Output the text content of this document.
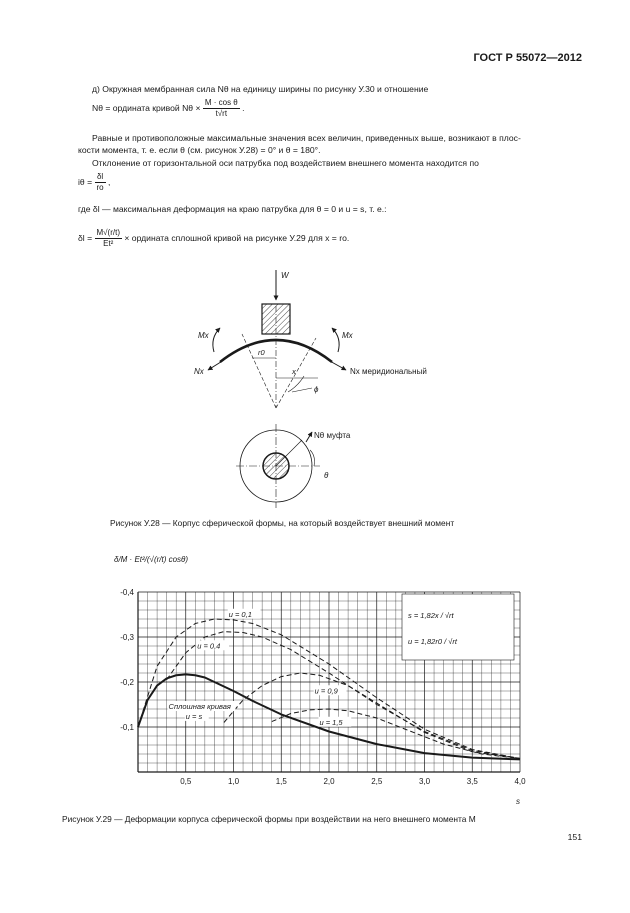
ГОСТ Р 55072—2012
д) Окружная мембранная сила Nθ на единицу ширины по рисунку У.30 и отношение
Nθ = ордината кривой $N\theta \times \frac{\text{M · cos θ}}{t√rt}$ .
Равные и противоположные максимальные значения всех величин, приведенных выше, возникают в плос-
кости момента, т. е. если θ (см. рисунок У.28) = 0° и θ = 180°.
Отклонение от горизонтальной оси патрубка под воздействием внешнего момента находится по
$i\theta = \frac{\delta l}{ro}$ ,
где δl — максимальная деформация на краю патрубка для θ = 0 и u = s, т. е.:
$\delta l = \frac{M√(r/t)}{\text{Et²}}$ × ордината сплошной кривой на рисунке У.29 для x = ro.
W
Mx	Mx
Nx	Nx меридиональный
r0
x
ϕ
Nθ муфта
θ
Рисунок У.28 — Корпус сферической формы, на который воздействует внешний момент
0,5	1,0	1,5	2,0	2,5	3,0	3,5	4,0
-0,4
-0,3
-0,2
-0,1
u = 0,1
u = 0,4
u = 0,9
u = 1,5
Сплошная кривая
u = s
δ/M · Et²/(√(r/t) cosθ)
s
s = 1,82x / √rt
u = 1,82r0 / √rt
Рисунок У.29 — Деформации корпуса сферической формы при воздействии на него внешнего момента M
151
